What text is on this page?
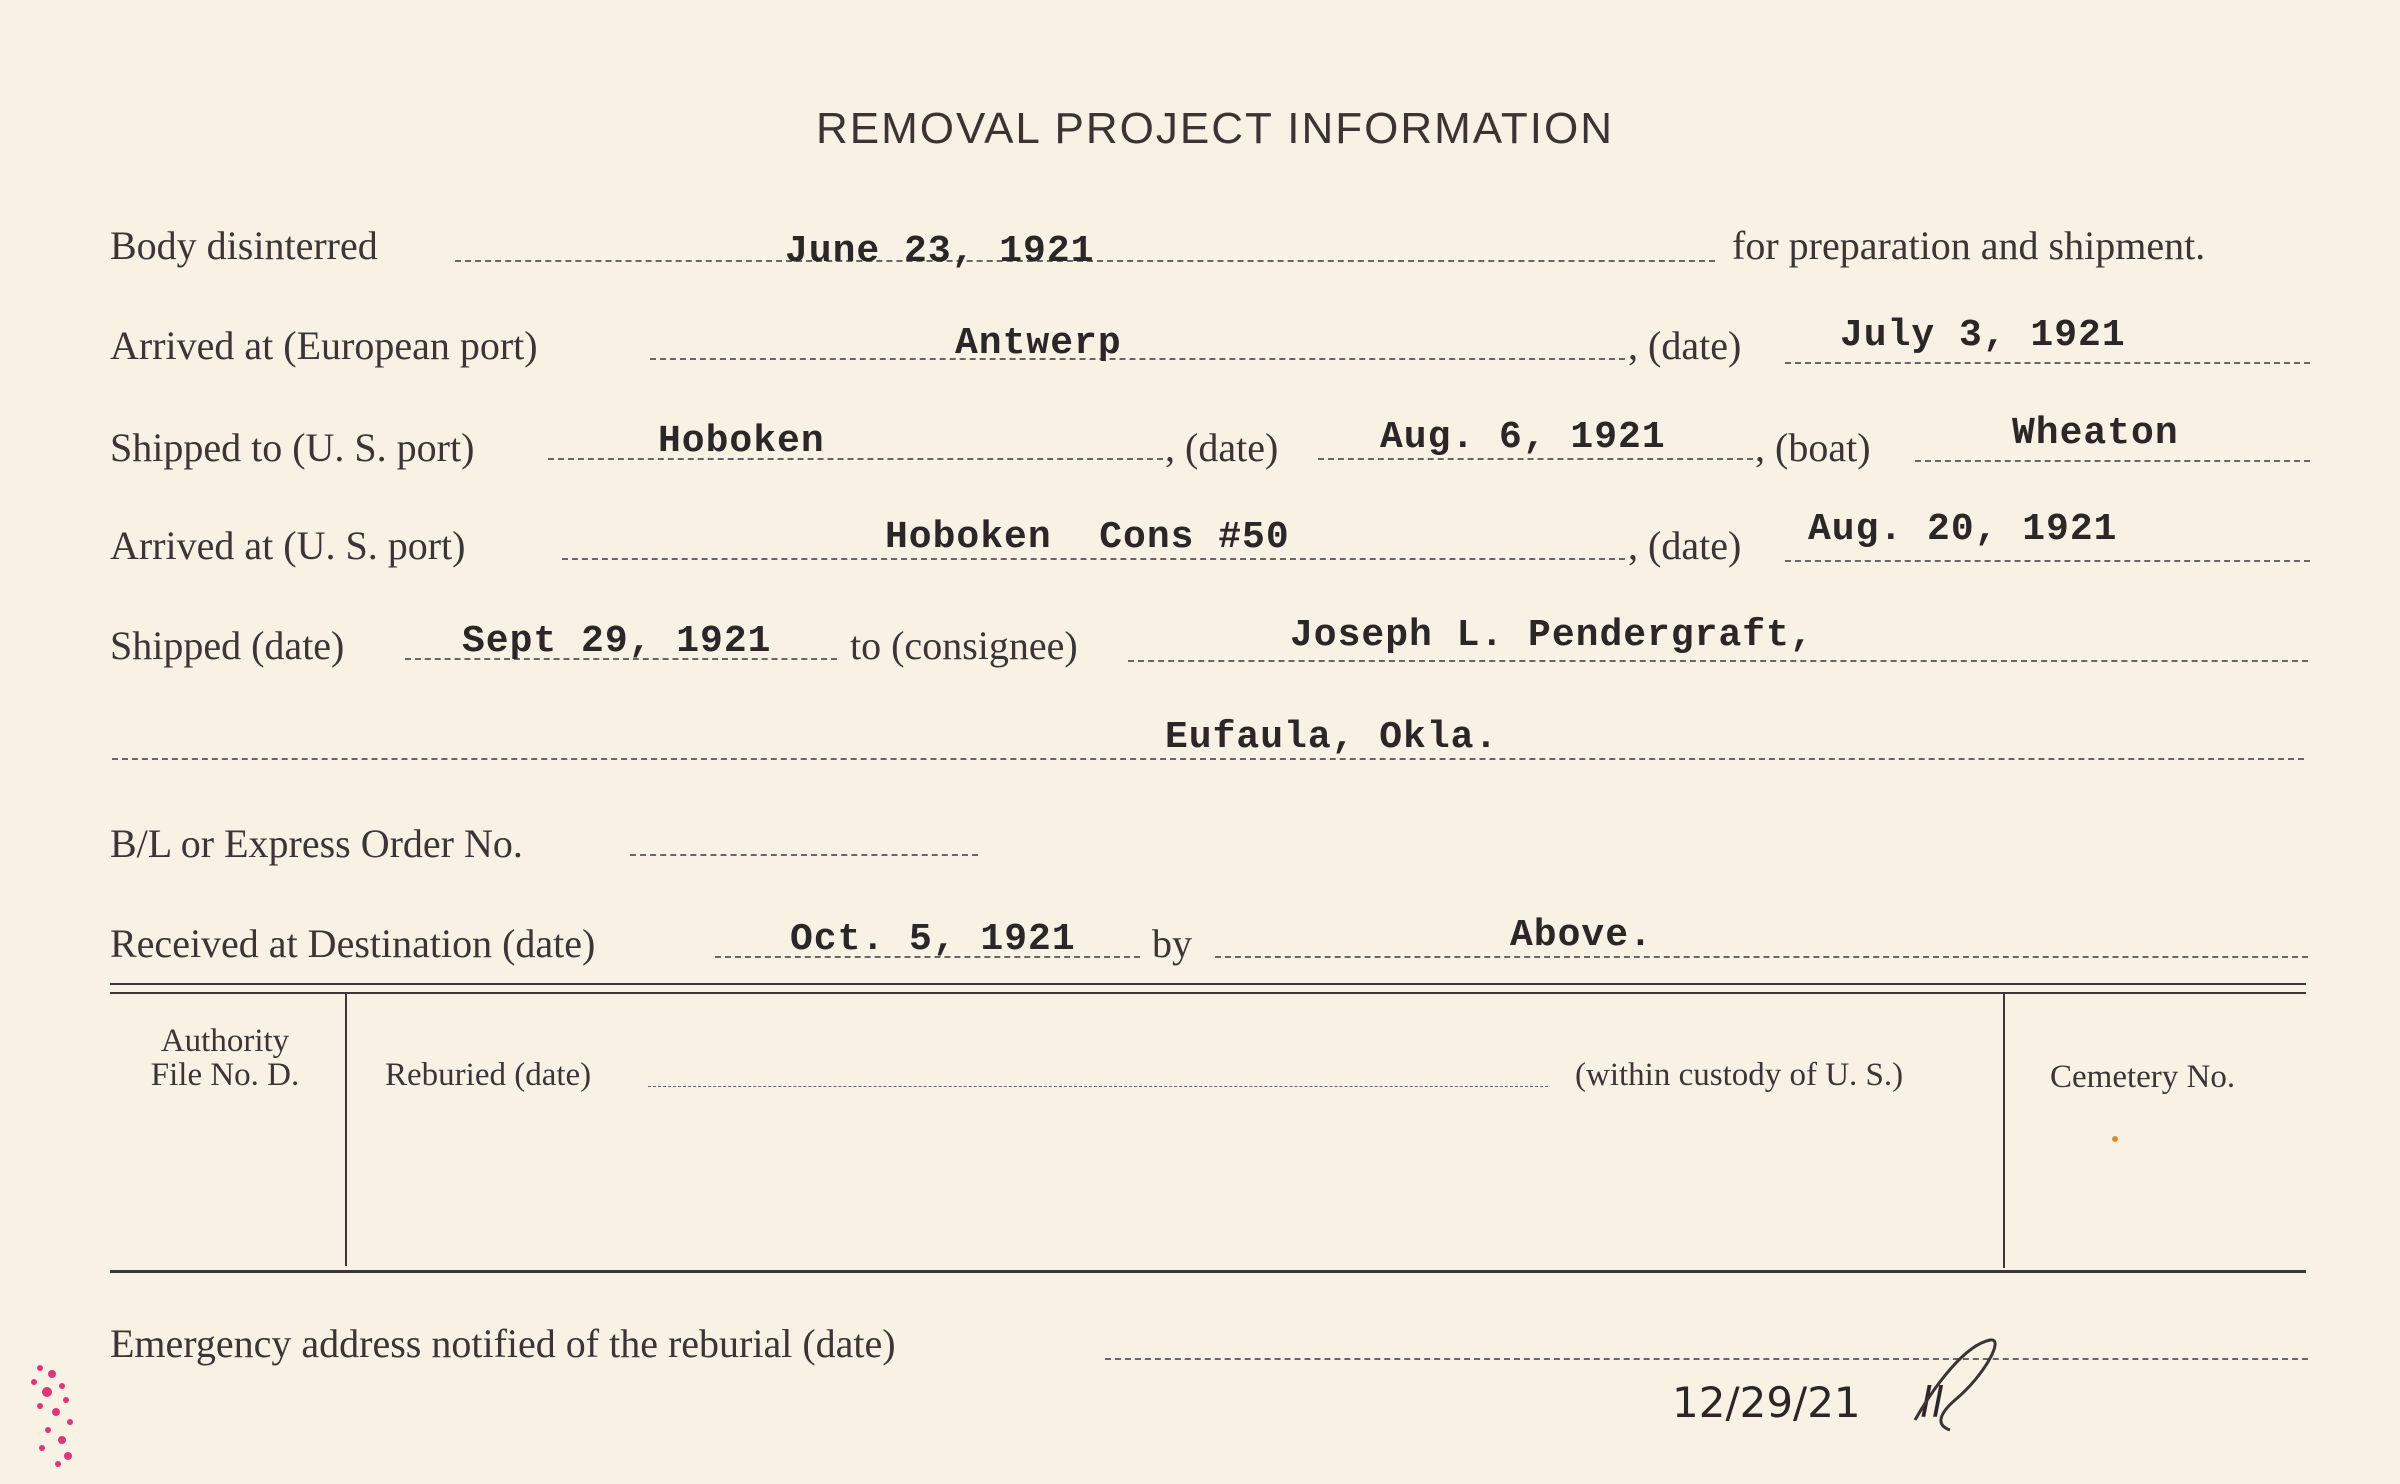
REMOVAL PROJECT INFORMATION
Body disinterred	June 23, 1921	for preparation and shipment.
Arrived at (European port)	Antwerp	, (date)	July 3, 1921
Shipped to (U. S. port)	Hoboken	, (date)	Aug. 6, 1921 , (boat)	Wheaton
Arrived at (U. S. port)	Hoboken  Cons #50	, (date) Aug. 20, 1921
Shipped (date)	Sept 29, 1921 to (consignee)	Joseph L. Pendergraft,
Eufaula, Okla.
B/L or Express Order No.
Received at Destination (date)	Oct. 5, 1921 by	Above.
Authority
File No. D.	Reburied (date)	(within custody of U. S.)	Cemetery No.
Emergency address notified of the reburial (date)
12/29/21 ll
